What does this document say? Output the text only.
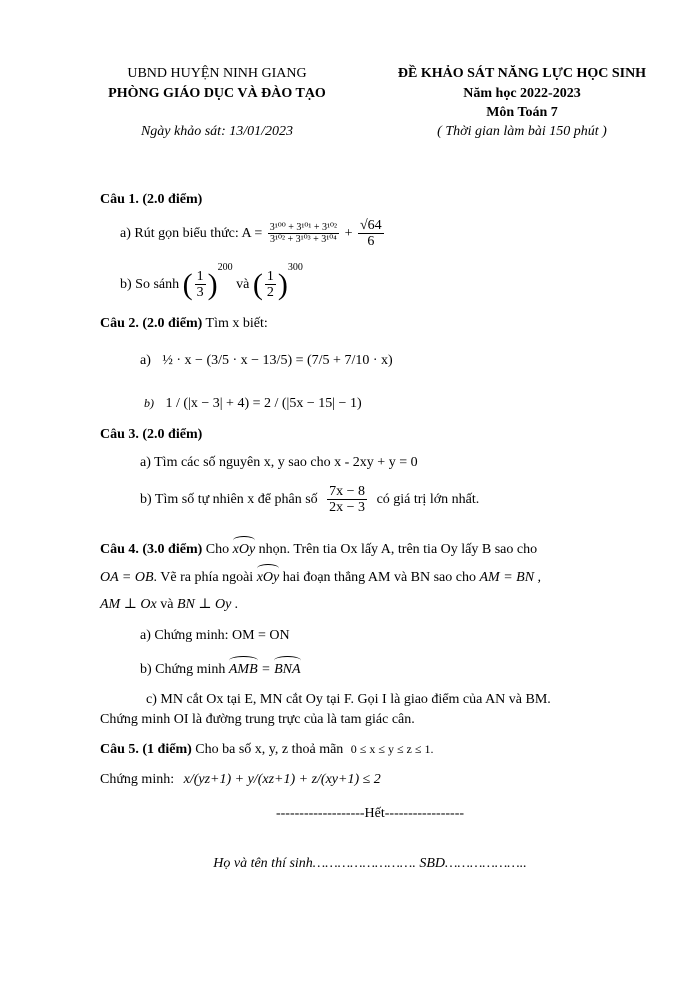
UBND HUYỆN NINH GIANG
PHÒNG GIÁO DỤC VÀ ĐÀO TẠO
Ngày khảo sát: 13/01/2023
ĐỀ KHẢO SÁT NĂNG LỰC HỌC SINH
Năm học 2022-2023
Môn Toán 7
( Thời gian làm bài 150 phút )
Câu 1. (2.0 điểm)
a) Rút gọn biểu thức: $A = \frac{\text{3¹⁰⁰ + 3¹⁰¹ + 3¹⁰²}}{\text{3¹⁰² + 3¹⁰³ + 3¹⁰⁴}} + \frac{√64}{6}$
b) So sánh ( $\frac{1}{3} )^{200}$ và ( $\frac{1}{2} )^{300}$
Câu 2. (2.0 điểm) Tìm x biết:
a) ½ · x − (3/5 · x − 13/5) = (7/5 + 7/10 · x)
b) 1 / (|x − 3| + 4) = 2 / (|5x − 15| − 1)
Câu 3. (2.0 điểm)
a) Tìm các số nguyên x, y sao cho x - 2xy + y = 0
b) Tìm số tự nhiên x để phân số $\frac{7x - 8}{2x - 3}$ có giá trị lớn nhất.
Câu 4. (3.0 điểm) Cho xOy nhọn. Trên tia Ox lấy A, trên tia Oy lấy B sao cho
OA = OB. Vẽ ra phía ngoài xOy hai đoạn thẳng AM và BN sao cho AM = BN ,
AM ⊥ Ox và BN ⊥ Oy .
a) Chứng minh: OM = ON
b) Chứng minh AMB = BNA
c) MN cắt Ox tại E, MN cắt Oy tại F. Gọi I là giao điểm của AN và BM.
Chứng minh OI là đường trung trực của là tam giác cân.
Câu 5. (1 điểm) Cho ba số x, y, z thoả mãn 0 ≤ x ≤ y ≤ z ≤ 1.
Chứng minh: x/(yz+1) + y/(xz+1) + z/(xy+1) ≤ 2
-------------------Hết-----------------
Họ và tên thí sinh……………………. SBD………………..
